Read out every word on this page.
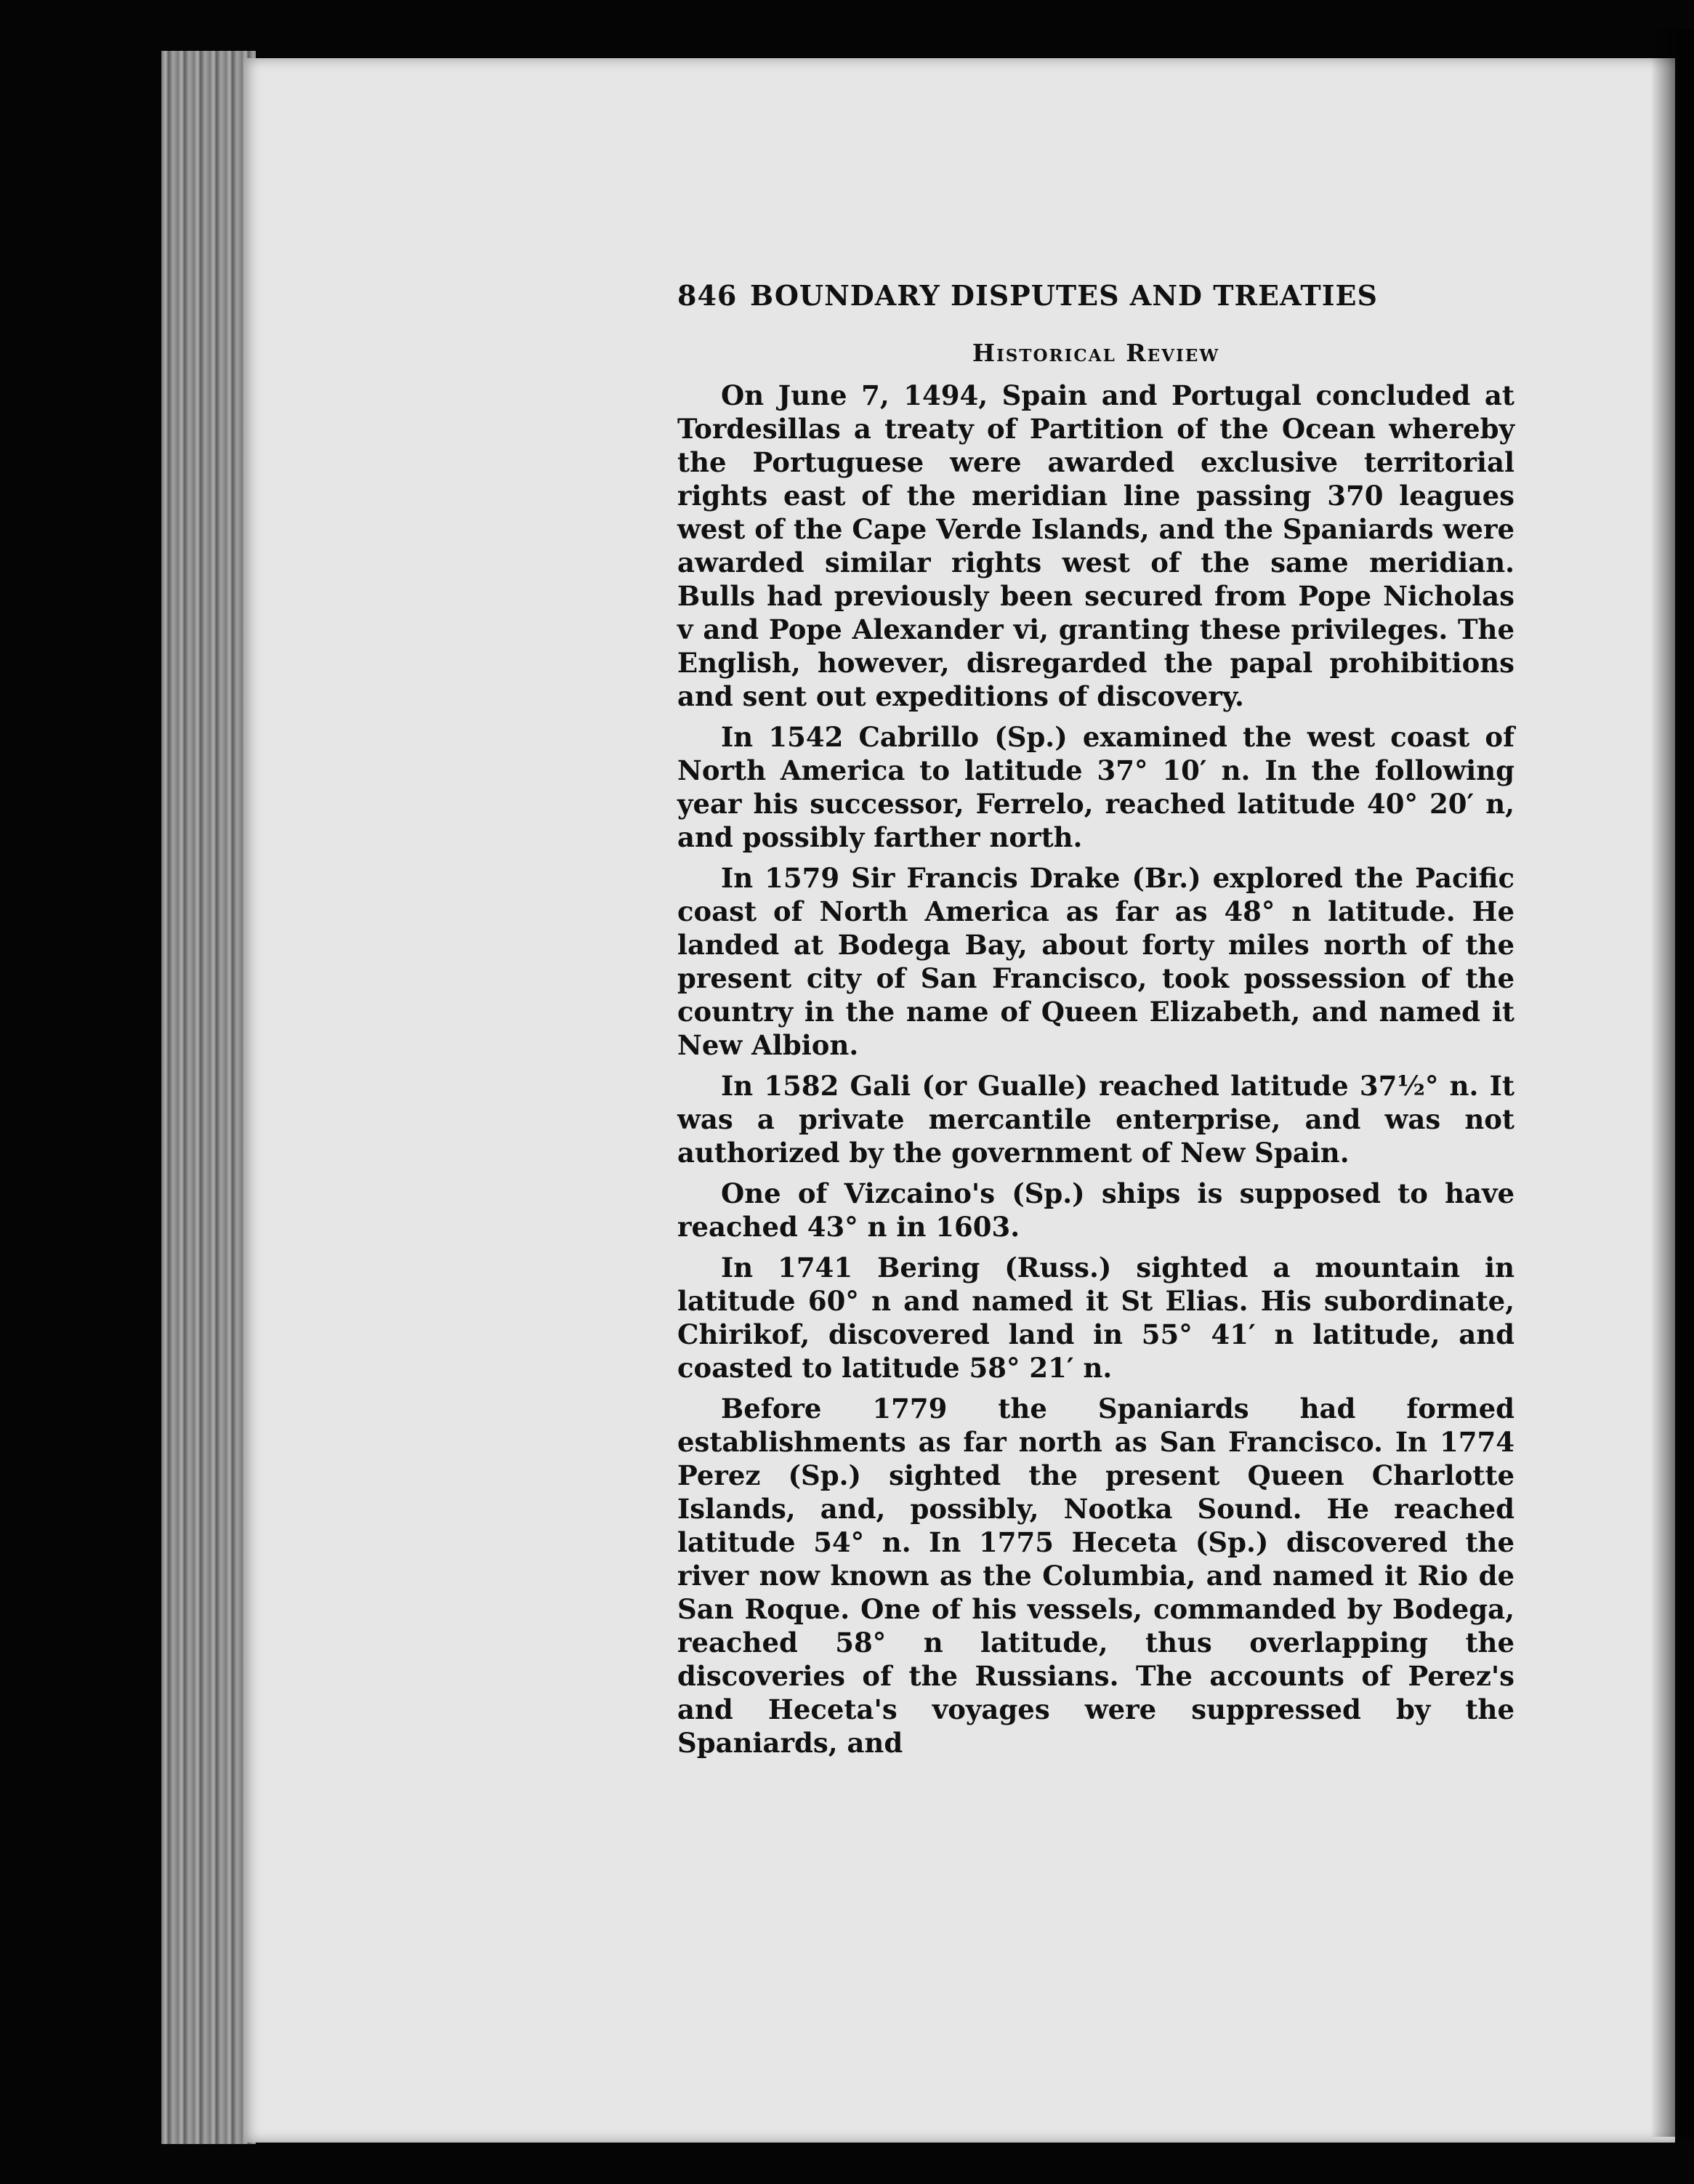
846 BOUNDARY DISPUTES AND TREATIES
Historical Review

On June 7, 1494, Spain and Portugal concluded at Tordesillas a treaty of Partition of the Ocean whereby the Portuguese were awarded exclusive territorial rights east of the meridian line passing 370 leagues west of the Cape Verde Islands, and the Spaniards were awarded similar rights west of the same meridian. Bulls had previously been secured from Pope Nicholas v and Pope Alexander vi, granting these privileges. The English, however, disregarded the papal prohibitions and sent out expeditions of discovery.

In 1542 Cabrillo (Sp.) examined the west coast of North America to latitude 37° 10′ n. In the following year his successor, Ferrelo, reached latitude 40° 20′ n, and possibly farther north.

In 1579 Sir Francis Drake (Br.) explored the Pacific coast of North America as far as 48° n latitude. He landed at Bodega Bay, about forty miles north of the present city of San Francisco, took possession of the country in the name of Queen Elizabeth, and named it New Albion.

In 1582 Gali (or Gualle) reached latitude 37½° n. It was a private mercantile enterprise, and was not authorized by the government of New Spain.

One of Vizcaino's (Sp.) ships is supposed to have reached 43° n in 1603.

In 1741 Bering (Russ.) sighted a mountain in latitude 60° n and named it St Elias. His subordinate, Chirikof, discovered land in 55° 41′ n latitude, and coasted to latitude 58° 21′ n.

Before 1779 the Spaniards had formed establishments as far north as San Francisco. In 1774 Perez (Sp.) sighted the present Queen Charlotte Islands, and, possibly, Nootka Sound. He reached latitude 54° n. In 1775 Heceta (Sp.) discovered the river now known as the Columbia, and named it Rio de San Roque. One of his vessels, commanded by Bodega, reached 58° n latitude, thus overlapping the discoveries of the Russians. The accounts of Perez's and Heceta's voyages were suppressed by the Spaniards, and
